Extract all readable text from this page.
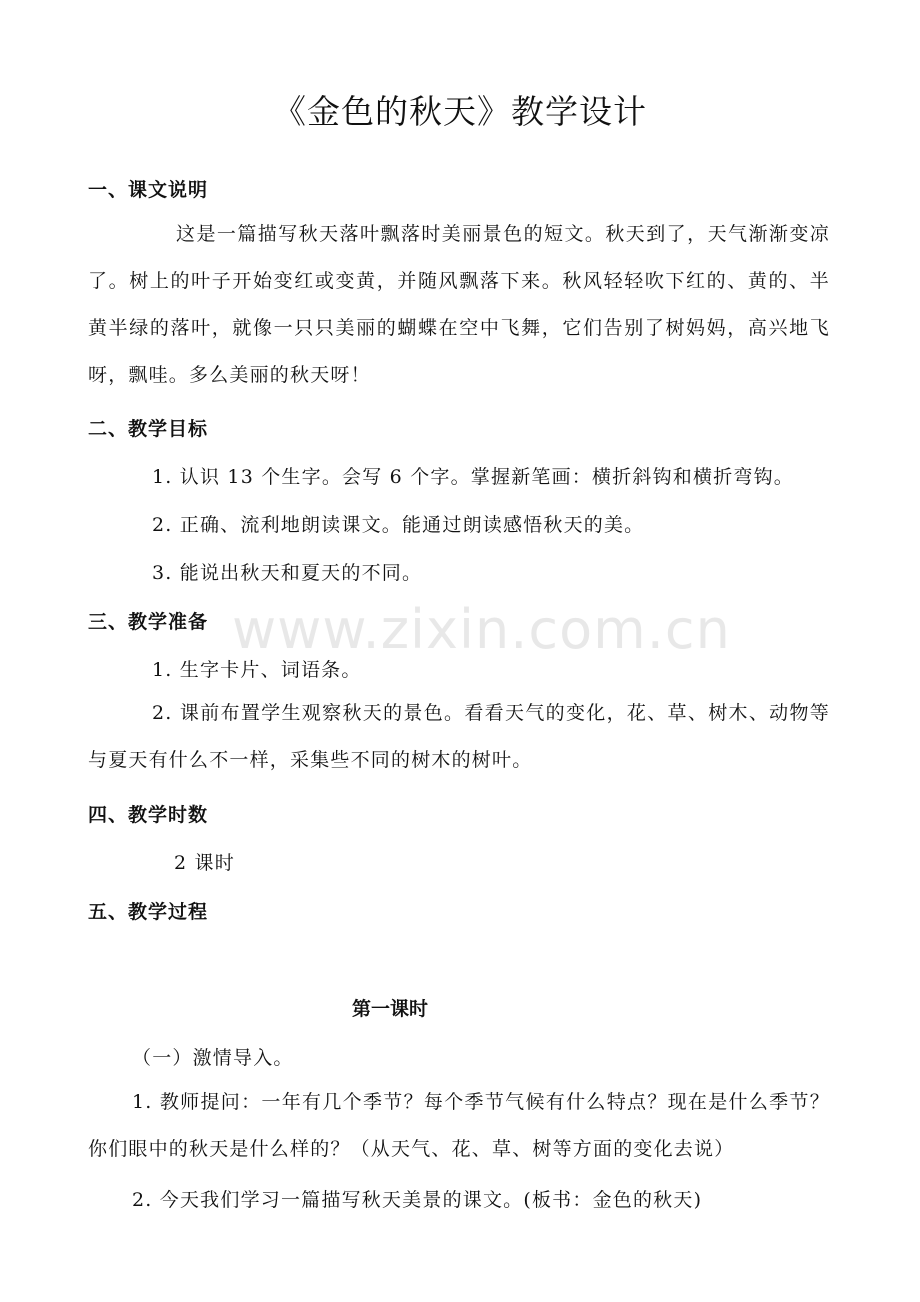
《金色的秋天》教学设计
一、课文说明

这是一篇描写秋天落叶飘落时美丽景色的短文。秋天到了，天气渐渐变凉了。树上的叶子开始变红或变黄，并随风飘落下来。秋风轻轻吹下红的、黄的、半黄半绿的落叶，就像一只只美丽的蝴蝶在空中飞舞，它们告别了树妈妈，高兴地飞呀，飘哇。多么美丽的秋天呀！

二、教学目标

1. 认识 13 个生字。会写 6 个字。掌握新笔画：横折斜钩和横折弯钩。

2. 正确、流利地朗读课文。能通过朗读感悟秋天的美。

3. 能说出秋天和夏天的不同。

三、教学准备

1. 生字卡片、词语条。

2. 课前布置学生观察秋天的景色。看看天气的变化，花、草、树木、动物等与夏天有什么不一样，采集些不同的树木的树叶。

四、教学时数

2 课时

五、教学过程

第一课时

（一）激情导入。

1. 教师提问：一年有几个季节？每个季节气候有什么特点？现在是什么季节？你们眼中的秋天是什么样的？（从天气、花、草、树等方面的变化去说）

2. 今天我们学习一篇描写秋天美景的课文。(板书：金色的秋天)

www.zixin.com.cn
